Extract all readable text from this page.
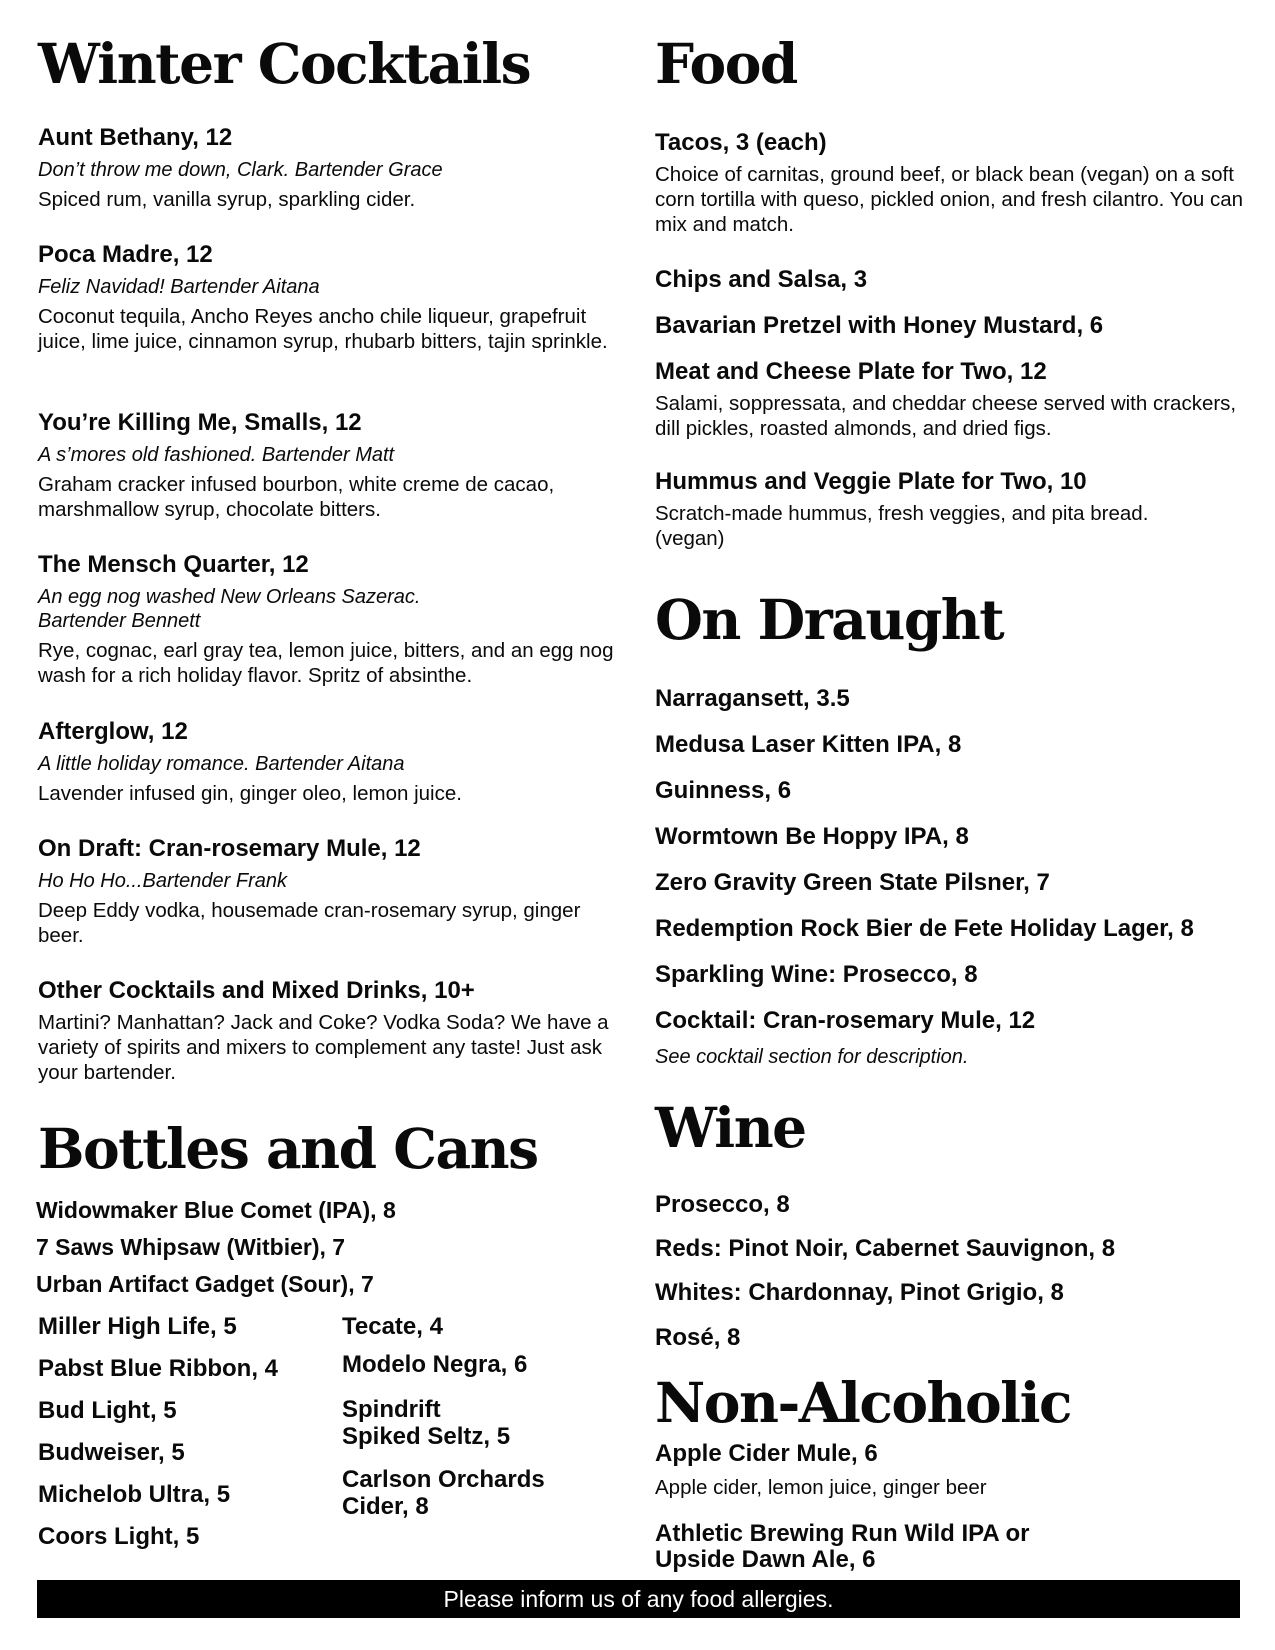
Winter Cocktails
Aunt Bethany, 12
Don’t throw me down, Clark. Bartender Grace
Spiced rum, vanilla syrup, sparkling cider.
Poca Madre, 12
Feliz Navidad! Bartender Aitana
Coconut tequila, Ancho Reyes ancho chile liqueur, grapefruit juice, lime juice, cinnamon syrup, rhubarb bitters, tajin sprinkle.
You’re Killing Me, Smalls, 12
A s’mores old fashioned. Bartender Matt
Graham cracker infused bourbon, white creme de cacao, marshmallow syrup, chocolate bitters.
The Mensch Quarter, 12
An egg nog washed New Orleans Sazerac. Bartender Bennett
Rye, cognac, earl gray tea, lemon juice, bitters, and an egg nog wash for a rich holiday flavor. Spritz of absinthe.
Afterglow, 12
A little holiday romance. Bartender Aitana
Lavender infused gin, ginger oleo, lemon juice.
On Draft: Cran-rosemary Mule, 12
Ho Ho Ho...Bartender Frank
Deep Eddy vodka, housemade cran-rosemary syrup, ginger beer.
Other Cocktails and Mixed Drinks, 10+
Martini? Manhattan? Jack and Coke? Vodka Soda? We have a variety of spirits and mixers to complement any taste! Just ask your bartender.
Bottles and Cans
Widowmaker Blue Comet (IPA), 8
7 Saws Whipsaw (Witbier), 7
Urban Artifact Gadget (Sour), 7
Miller High Life, 5
Pabst Blue Ribbon, 4
Bud Light, 5
Budweiser, 5
Michelob Ultra, 5
Coors Light, 5
Tecate, 4
Modelo Negra, 6
Spindrift
Spiked Seltz, 5
Carlson Orchards
Cider, 8
Food
Tacos, 3 (each)
Choice of carnitas, ground beef, or black bean (vegan) on a soft corn tortilla with queso, pickled onion, and fresh cilantro. You can mix and match.
Chips and Salsa, 3
Bavarian Pretzel with Honey Mustard, 6
Meat and Cheese Plate for Two, 12
Salami, soppressata, and cheddar cheese served with crackers, dill pickles, roasted almonds, and dried figs.
Hummus and Veggie Plate for Two, 10
Scratch-made hummus, fresh veggies, and pita bread. (vegan)
On Draught
Narragansett, 3.5
Medusa Laser Kitten IPA, 8
Guinness, 6
Wormtown Be Hoppy IPA, 8
Zero Gravity Green State Pilsner, 7
Redemption Rock Bier de Fete Holiday Lager, 8
Sparkling Wine: Prosecco, 8
Cocktail: Cran-rosemary Mule, 12
See cocktail section for description.
Wine
Prosecco, 8
Reds: Pinot Noir, Cabernet Sauvignon, 8
Whites: Chardonnay, Pinot Grigio, 8
Rosé, 8
Non-Alcoholic
Apple Cider Mule, 6
Apple cider, lemon juice, ginger beer
Athletic Brewing Run Wild IPA or Upside Dawn Ale, 6
Please inform us of any food allergies.
